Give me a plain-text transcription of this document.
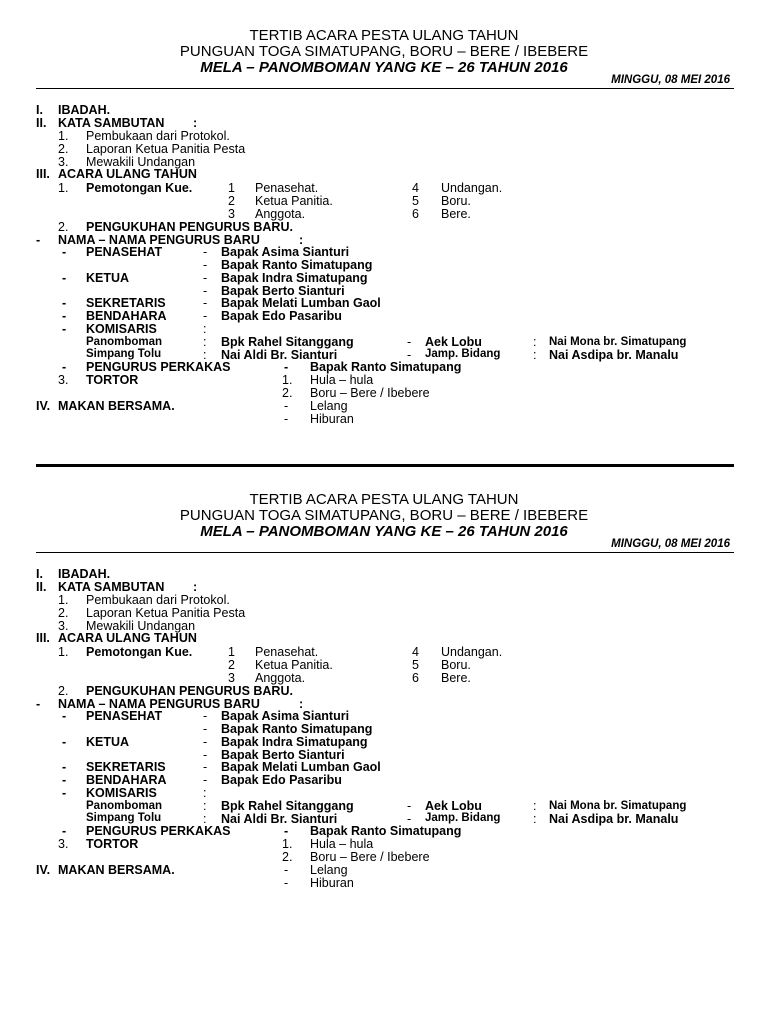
TERTIB ACARA PESTA ULANG TAHUN
PUNGUAN TOGA SIMATUPANG, BORU – BERE / IBEBERE
MELA – PANOMBOMAN YANG KE – 26 TAHUN 2016
MINGGU, 08 MEI 2016
I. IBADAH.
II. KATA SAMBUTAN :
1. Pembukaan dari Protokol.
2. Laporan Ketua Panitia Pesta
3. Mewakili Undangan
III. ACARA ULANG TAHUN
1. Pemotongan Kue.	1 Penasehat.	4 Undangan.
2 Ketua Panitia.	5 Boru.
3 Anggota.	6 Bere.
2. PENGUKUHAN PENGURUS BARU.
- NAMA – NAMA PENGURUS BARU	:
- PENASEHAT	- Bapak Asima Sianturi
- Bapak Ranto Simatupang
- KETUA	- Bapak Indra Simatupang
- Bapak Berto Sianturi
- SEKRETARIS	- Bapak Melati Lumban Gaol
- BENDAHARA	- Bapak Edo Pasaribu
- KOMISARIS	:
Panomboman	: Bpk Rahel Sitanggang	- Aek Lobu	: Nai Mona br. Simatupang
Simpang Tolu	: Nai Aldi Br. Sianturi	- Jamp. Bidang	: Nai Asdipa br. Manalu
- PENGURUS PERKAKAS	- Bapak Ranto Simatupang
3. TORTOR	1. Hula – hula
2. Boru – Bere / Ibebere
IV. MAKAN BERSAMA.	- Lelang
- Hiburan
TERTIB ACARA PESTA ULANG TAHUN
PUNGUAN TOGA SIMATUPANG, BORU – BERE / IBEBERE
MELA – PANOMBOMAN YANG KE – 26 TAHUN 2016
MINGGU, 08 MEI 2016
I. IBADAH.
II. KATA SAMBUTAN :
1. Pembukaan dari Protokol.
2. Laporan Ketua Panitia Pesta
3. Mewakili Undangan
III. ACARA ULANG TAHUN
1. Pemotongan Kue.	1 Penasehat.	4 Undangan.
2 Ketua Panitia.	5 Boru.
3 Anggota.	6 Bere.
2. PENGUKUHAN PENGURUS BARU.
- NAMA – NAMA PENGURUS BARU	:
- PENASEHAT	- Bapak Asima Sianturi
- Bapak Ranto Simatupang
- KETUA	- Bapak Indra Simatupang
- Bapak Berto Sianturi
- SEKRETARIS	- Bapak Melati Lumban Gaol
- BENDAHARA	- Bapak Edo Pasaribu
- KOMISARIS	:
Panomboman	: Bpk Rahel Sitanggang	- Aek Lobu	: Nai Mona br. Simatupang
Simpang Tolu	: Nai Aldi Br. Sianturi	- Jamp. Bidang	: Nai Asdipa br. Manalu
- PENGURUS PERKAKAS	- Bapak Ranto Simatupang
3. TORTOR	1. Hula – hula
2. Boru – Bere / Ibebere
IV. MAKAN BERSAMA.	- Lelang
- Hiburan
